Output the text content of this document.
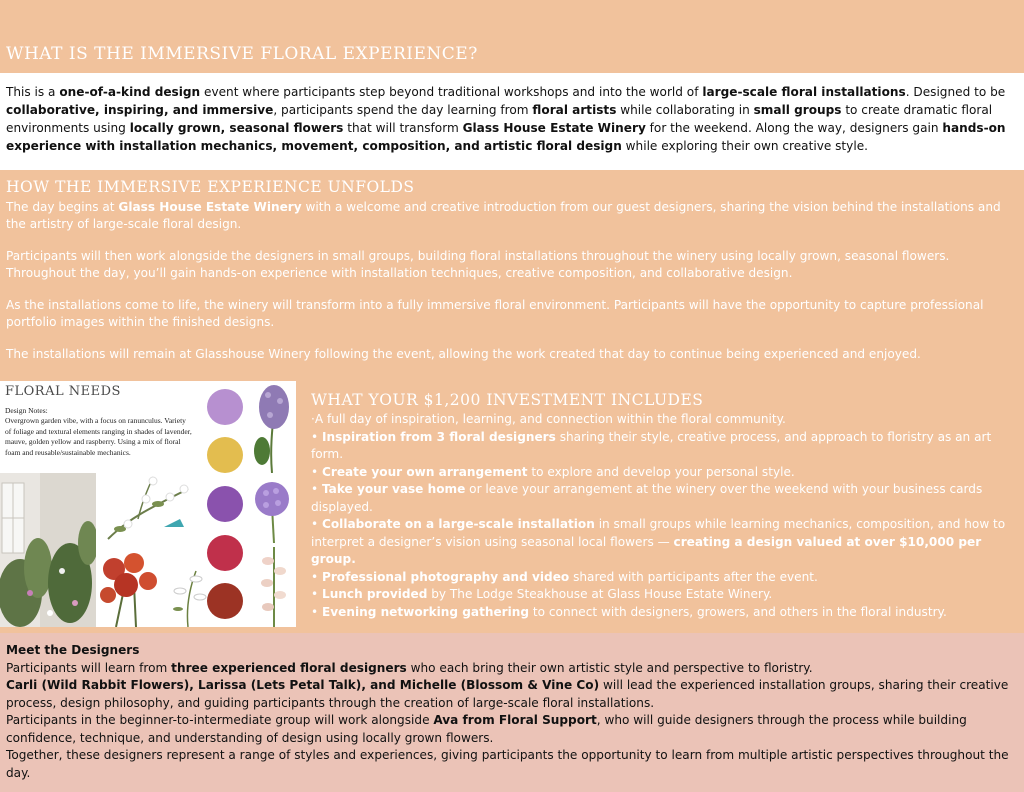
WHAT IS THE IMMERSIVE FLORAL EXPERIENCE?

This is a one-of-a-kind design event where participants step beyond traditional workshops and into the world of large-scale floral installations. Designed to be collaborative, inspiring, and immersive, participants spend the day learning from floral artists while collaborating in small groups to create dramatic floral environments using locally grown, seasonal flowers that will transform Glass House Estate Winery for the weekend. Along the way, designers gain hands-on experience with installation mechanics, movement, composition, and artistic floral design while exploring their own creative style.

HOW THE IMMERSIVE EXPERIENCE UNFOLDS

The day begins at Glass House Estate Winery with a welcome and creative introduction from our guest designers, sharing the vision behind the installations and the artistry of large-scale floral design.

Participants will then work alongside the designers in small groups, building floral installations throughout the winery using locally grown, seasonal flowers. Throughout the day, you’ll gain hands-on experience with installation techniques, creative composition, and collaborative design.

As the installations come to life, the winery will transform into a fully immersive floral environment. Participants will have the opportunity to capture professional portfolio images within the finished designs.

The installations will remain at Glasshouse Winery following the event, allowing the work created that day to continue being experienced and enjoyed.

FLORAL NEEDS
Design Notes:
Overgrown garden vibe, with a focus on ranunculus. Variety of foliage and textural elements ranging in shades of lavender, mauve, golden yellow and raspberry. Using a mix of floral foam and reusable/sustainable mechanics.
WHAT YOUR $1,200 INVESTMENT INCLUDES
·A full day of inspiration, learning, and connection within the floral community.
• Inspiration from 3 floral designers sharing their style, creative process, and approach to floristry as an art form.
• Create your own arrangement to explore and develop your personal style.
• Take your vase home or leave your arrangement at the winery over the weekend with your business cards displayed.
• Collaborate on a large-scale installation in small groups while learning mechanics, composition, and how to interpret a designer’s vision using seasonal local flowers — creating a design valued at over $10,000 per group.
• Professional photography and video shared with participants after the event.
• Lunch provided by The Lodge Steakhouse at Glass House Estate Winery.
• Evening networking gathering to connect with designers, growers, and others in the floral industry.
Meet the Designers
Participants will learn from three experienced floral designers who each bring their own artistic style and perspective to floristry.
Carli (Wild Rabbit Flowers), Larissa (Lets Petal Talk), and Michelle (Blossom & Vine Co) will lead the experienced installation groups, sharing their creative process, design philosophy, and guiding participants through the creation of large-scale floral installations.
Participants in the beginner-to-intermediate group will work alongside Ava from Floral Support, who will guide designers through the process while building confidence, technique, and understanding of design using locally grown flowers.
Together, these designers represent a range of styles and experiences, giving participants the opportunity to learn from multiple artistic perspectives throughout the day.
